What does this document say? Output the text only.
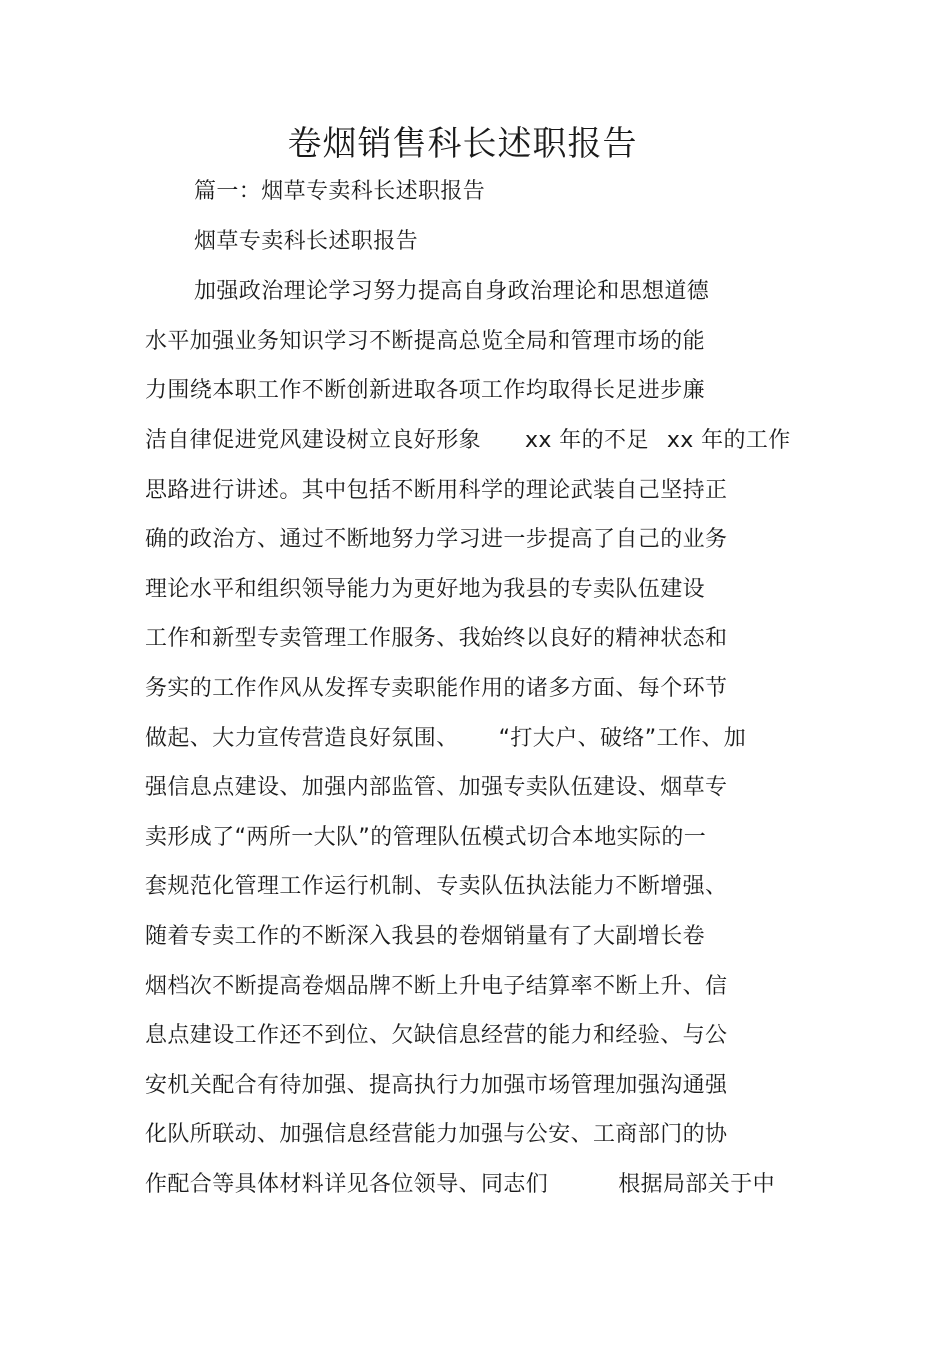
卷烟销售科长述职报告
篇一：烟草专卖科长述职报告
烟草专卖科长述职报告
加强政治理论学习努力提高自身政治理论和思想道德
水平加强业务知识学习不断提高总览全局和管理市场的能
力围绕本职工作不断创新进取各项工作均取得长足进步廉
洁自律促进党风建设树立良好形象 xx 年的不足 xx 年的工作
思路进行讲述。其中包括不断用科学的理论武装自己坚持正
确的政治方、通过不断地努力学习进一步提高了自己的业务
理论水平和组织领导能力为更好地为我县的专卖队伍建设
工作和新型专卖管理工作服务、我始终以良好的精神状态和
务实的工作作风从发挥专卖职能作用的诸多方面、每个环节
做起、大力宣传营造良好氛围、 “打大户、破络”工作、加
强信息点建设、加强内部监管、加强专卖队伍建设、烟草专
卖形成了“两所一大队”的管理队伍模式切合本地实际的一
套规范化管理工作运行机制、专卖队伍执法能力不断增强、
随着专卖工作的不断深入我县的卷烟销量有了大副增长卷
烟档次不断提高卷烟品牌不断上升电子结算率不断上升、信
息点建设工作还不到位、欠缺信息经营的能力和经验、与公
安机关配合有待加强、提高执行力加强市场管理加强沟通强
化队所联动、加强信息经营能力加强与公安、工商部门的协
作配合等具体材料详见各位领导、同志们	根据局部关于中
